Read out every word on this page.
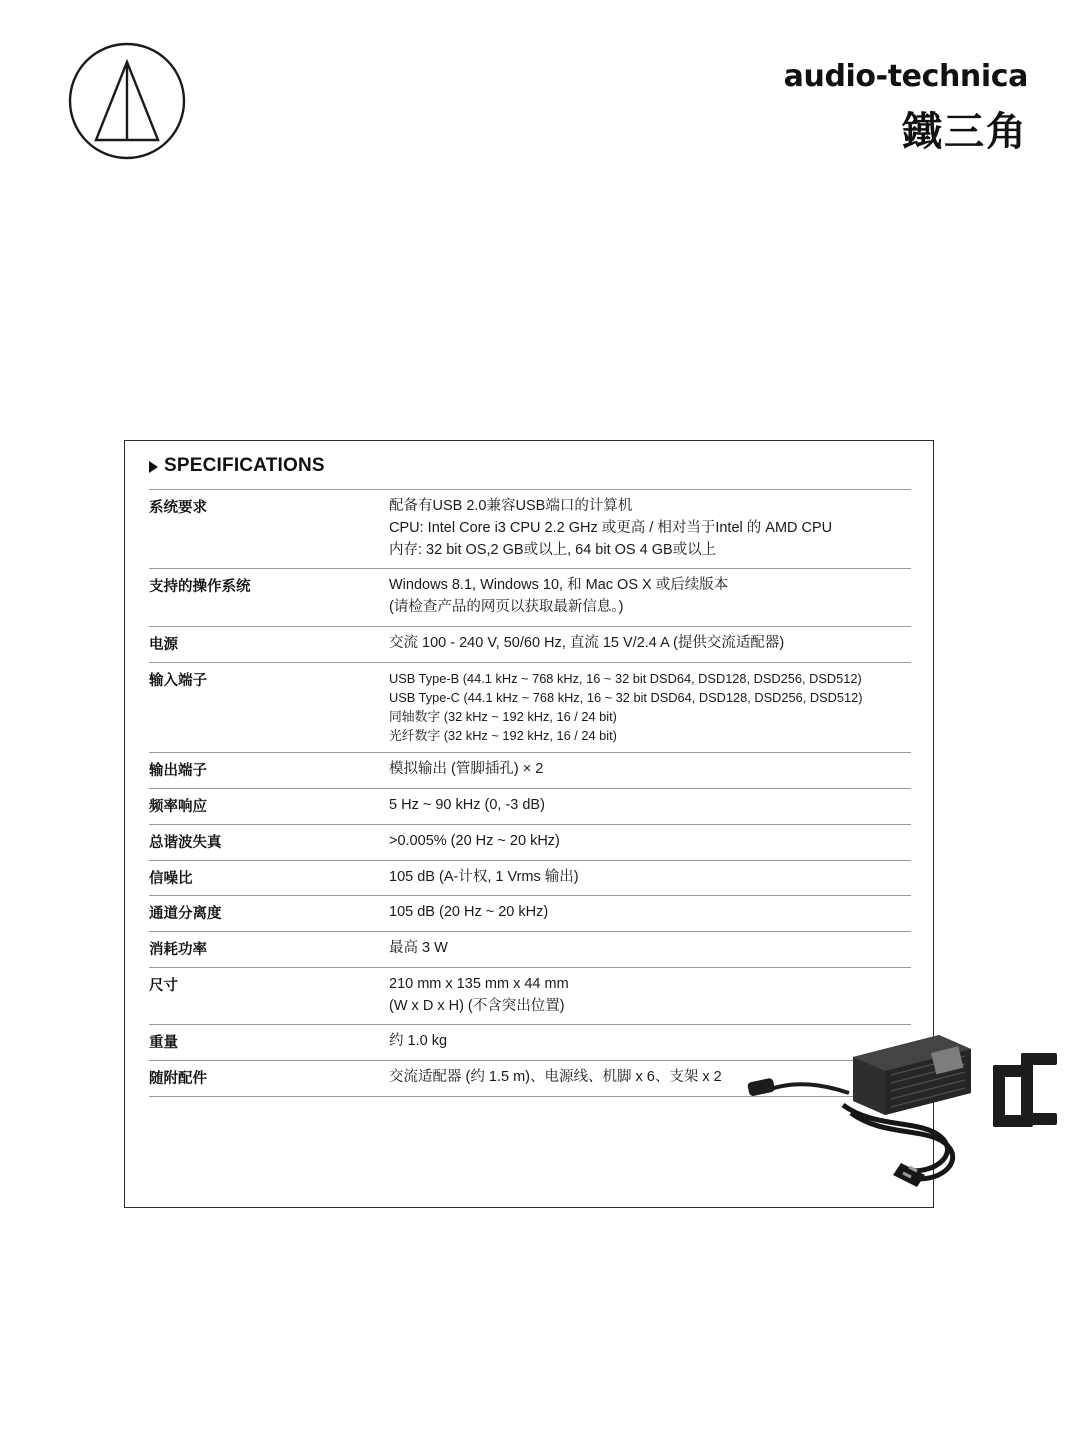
audio-technica
鐵三角
SPECIFICATIONS
系统要求	配备有USB 2.0兼容USB端口的计算机
CPU: Intel Core i3 CPU 2.2 GHz 或更高 / 相对当于Intel 的 AMD CPU
内存: 32 bit OS,2 GB或以上, 64 bit OS 4 GB或以上

支持的操作系统	Windows 8.1, Windows 10, 和 Mac OS X 或后续版本
(请检查产品的网页以获取最新信息。)

电源	交流 100 - 240 V, 50/60 Hz, 直流 15 V/2.4 A (提供交流适配器)

输入端子	USB Type-B (44.1 kHz ~ 768 kHz, 16 ~ 32 bit DSD64, DSD128, DSD256, DSD512)
USB Type-C (44.1 kHz ~ 768 kHz, 16 ~ 32 bit DSD64, DSD128, DSD256, DSD512)
同轴数字 (32 kHz ~ 192 kHz, 16 / 24 bit)
光纤数字 (32 kHz ~ 192 kHz, 16 / 24 bit)

输出端子	模拟输出 (管脚插孔) × 2

频率响应	5 Hz ~ 90 kHz (0, -3 dB)

总谐波失真	>0.005% (20 Hz ~ 20 kHz)

信噪比	105 dB (A-计权, 1 Vrms 输出)

通道分离度	105 dB (20 Hz ~ 20 kHz)

消耗功率	最高 3 W

尺寸	210 mm x 135 mm x 44 mm
(W x D x H) (不含突出位置)

重量	约 1.0 kg

随附配件	交流适配器 (约 1.5 m)、电源线、机脚 x 6、支架 x 2
